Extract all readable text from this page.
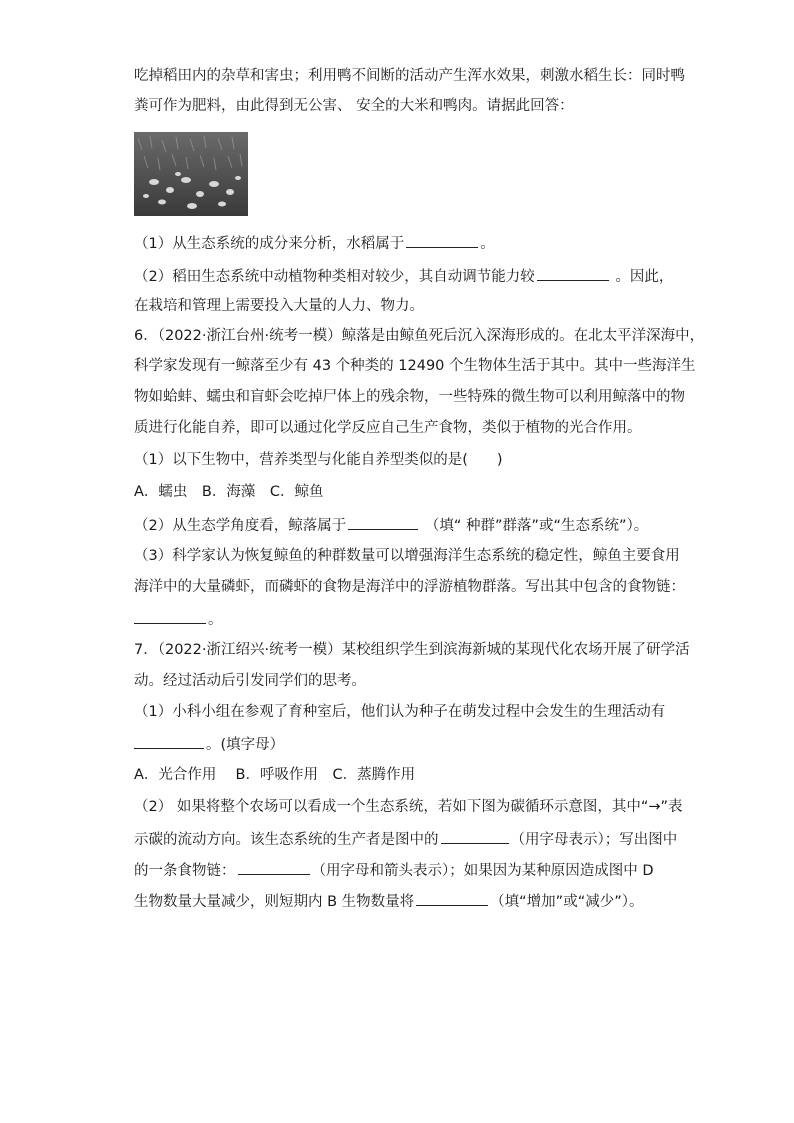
吃掉稻田内的杂草和害虫；利用鸭不间断的活动产生浑水效果，刺激水稻生长：同时鸭
粪可作为肥料，由此得到无公害、 安全的大米和鸭肉。请据此回答：
（1）从生态系统的成分来分析，水稻属于	。
（2）稻田生态系统中动植物种类相对较少，其自动调节能力较	。因此，
在栽培和管理上需要投入大量的人力、物力。
6．（2022·浙江台州·统考一模）鲸落是由鲸鱼死后沉入深海形成的。在北太平洋深海中，
科学家发现有一鲸落至少有 43 个种类的 12490 个生物体生活于其中。其中一些海洋生
物如蛤蚌、蠕虫和盲虾会吃掉尸体上的残余物，一些特殊的微生物可以利用鲸落中的物
质进行化能自养，即可以通过化学反应自己生产食物，类似于植物的光合作用。
（1）以下生物中，营养类型与化能自养型类似的是(　　)
A．蠕虫　B．海藻　C．鲸鱼
（2）从生态学角度看，鲸落属于	（填“ 种群”群落”或“生态系统”）。
（3）科学家认为恢复鲸鱼的种群数量可以增强海洋生态系统的稳定性，鲸鱼主要食用
海洋中的大量磷虾，而磷虾的食物是海洋中的浮游植物群落。写出其中包含的食物链：
。
7．（2022·浙江绍兴·统考一模）某校组织学生到滨海新城的某现代化农场开展了研学活
动。经过活动后引发同学们的思考。
（1）小科小组在参观了育种室后，他们认为种子在萌发过程中会发生的生理活动有
。(填字母）
A．光合作用　 B．呼吸作用　C．蒸腾作用
（2） 如果将整个农场可以看成一个生态系统，若如下图为碳循环示意图，其中“→”表
示碳的流动方向。该生态系统的生产者是图中的	（用字母表示）；写出图中
的一条食物链：	（用字母和箭头表示）；如果因为某种原因造成图中 D
生物数量大量减少，则短期内 B 生物数量将	（填“增加”或“减少”）。
